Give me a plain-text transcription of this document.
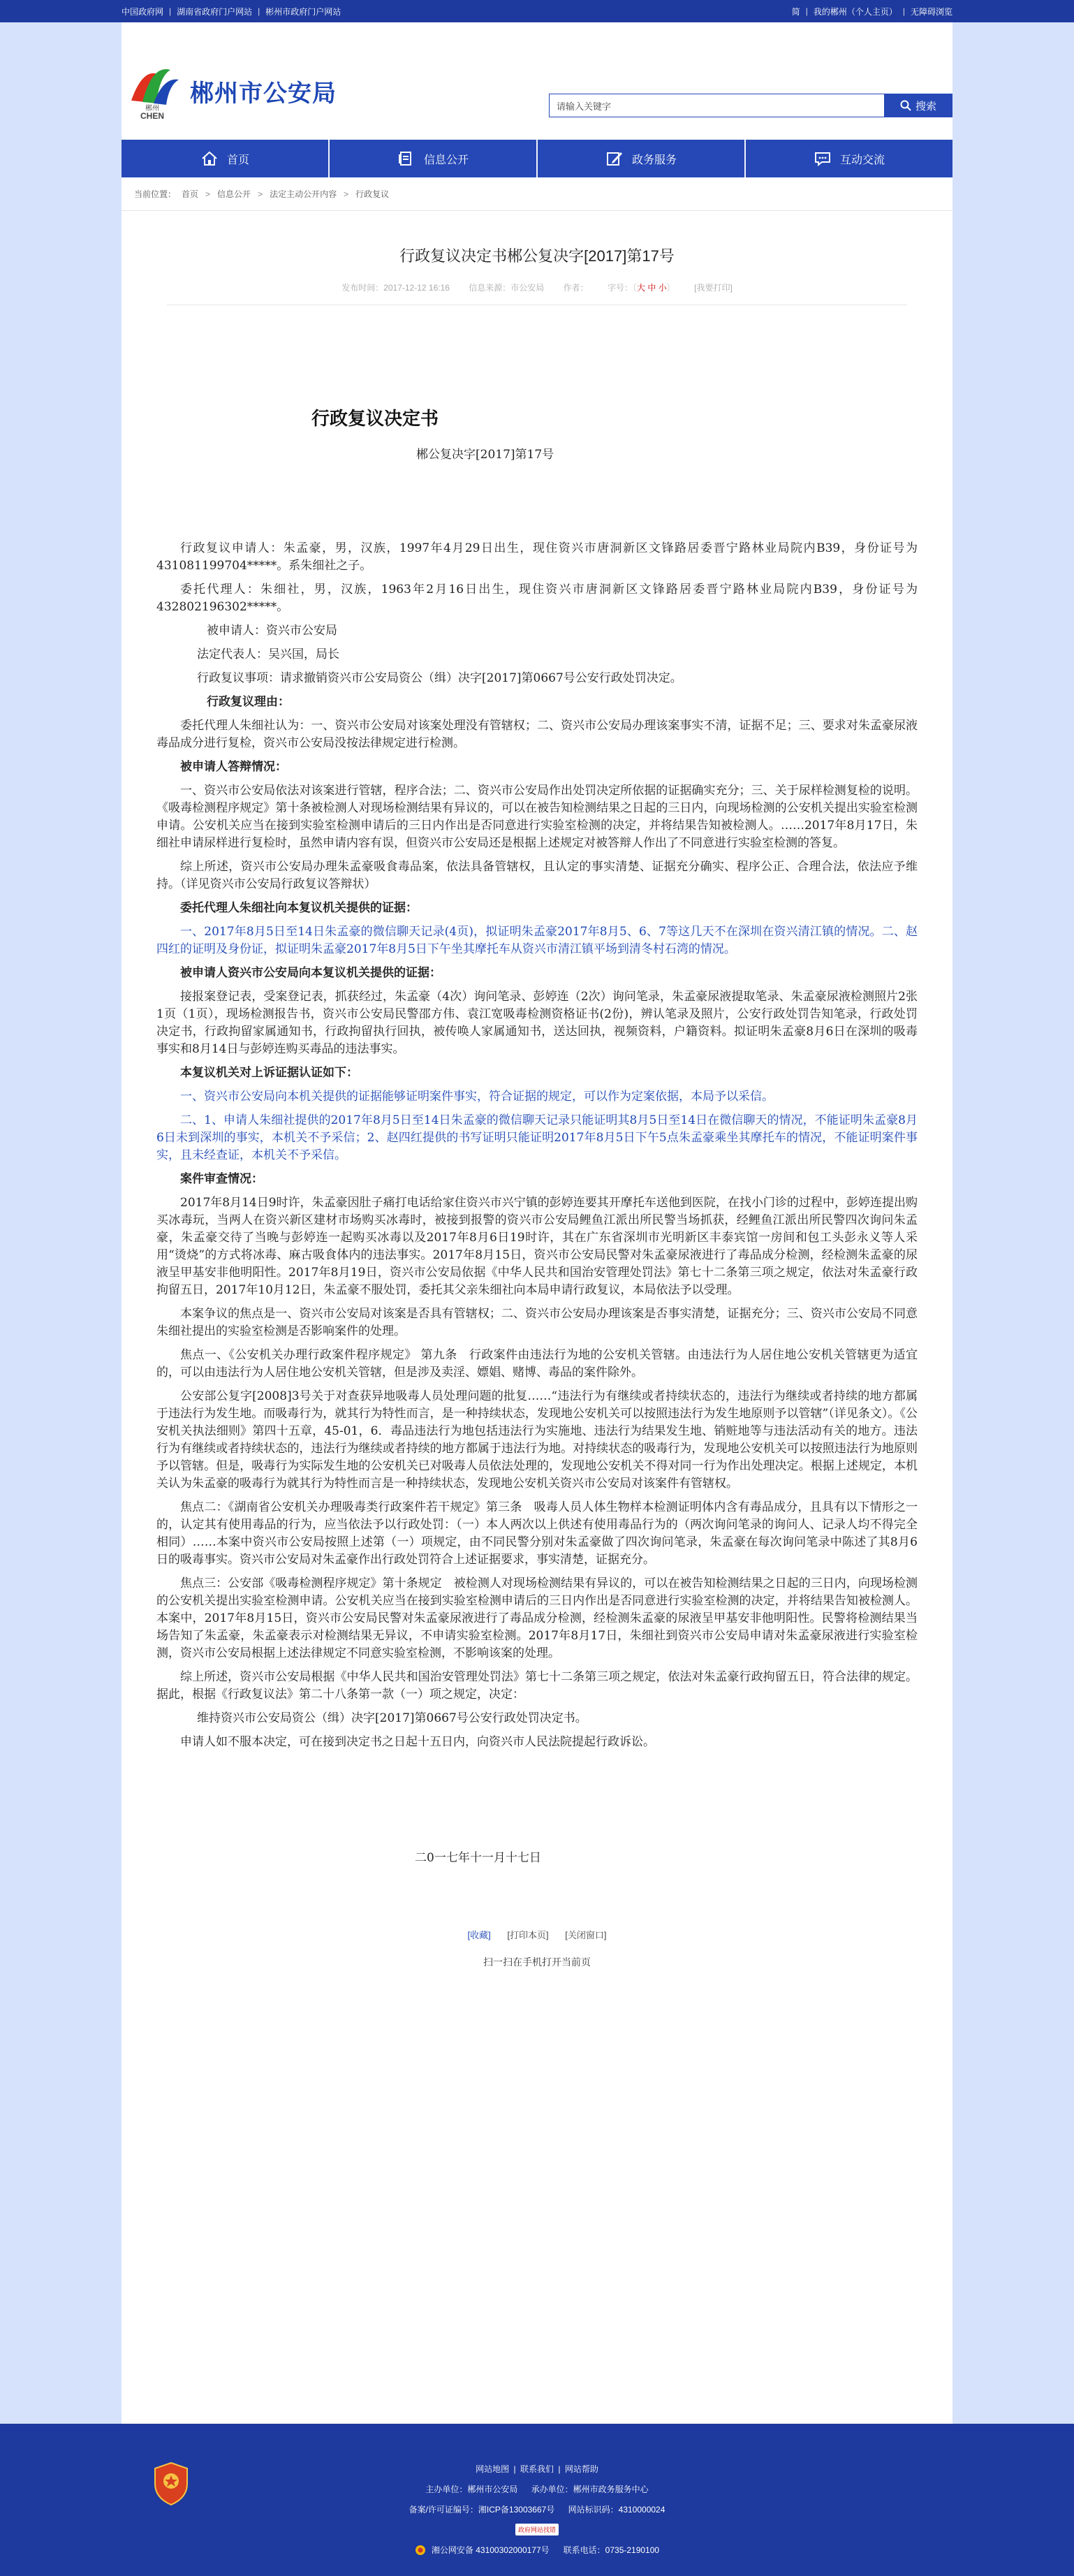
中国政府网 | 湖南省政府门户网站 | 彬州市政府门户网站	简 | 我的郴州（个人主页） | 无障碍浏览
郴州
CHEN
郴州市公安局
请输入关键字	搜索
首页	信息公开	政务服务	互动交流
当前位置： 首页 > 信息公开 > 法定主动公开内容 > 行政复议
行政复议决定书郴公复决字[2017]第17号
发布时间：2017-12-12 16:16 信息来源：市公安局 作者： 字号：〔大 中 小〕 [我要打印]
行政复议决定书
郴公复决字[2017]第17号

行政复议申请人：朱孟豪，男，汉族，1997年4月29日出生，现住资兴市唐洞新区文锋路居委晋宁路林业局院内B39，身份证号为431081199704*****。系朱细社之子。

委托代理人：朱细社，男，汉族，1963年2月16日出生，现住资兴市唐洞新区文锋路居委晋宁路林业局院内B39，身份证号为432802196302*****。

被申请人：资兴市公安局

法定代表人：吴兴国，局长

行政复议事项：请求撤销资兴市公安局资公（缉）决字[2017]第0667号公安行政处罚决定。

行政复议理由：

委托代理人朱细社认为：一、资兴市公安局对该案处理没有管辖权；二、资兴市公安局办理该案事实不清，证据不足；三、要求对朱孟豪尿液毒品成分进行复检，资兴市公安局没按法律规定进行检测。

被申请人答辩情况：

一、资兴市公安局依法对该案进行管辖，程序合法；二、资兴市公安局作出处罚决定所依据的证据确实充分；三、关于尿样检测复检的说明。《吸毒检测程序规定》第十条被检测人对现场检测结果有异议的，可以在被告知检测结果之日起的三日内，向现场检测的公安机关提出实验室检测申请。公安机关应当在接到实验室检测申请后的三日内作出是否同意进行实验室检测的决定，并将结果告知被检测人。……2017年8月17日，朱细社申请尿样进行复检时，虽然申请内容有误，但资兴市公安局还是根据上述规定对被答辩人作出了不同意进行实验室检测的答复。

综上所述，资兴市公安局办理朱孟豪吸食毒品案，依法具备管辖权，且认定的事实清楚、证据充分确实、程序公正、合理合法，依法应予维持。（详见资兴市公安局行政复议答辩状）

委托代理人朱细社向本复议机关提供的证据：

一、2017年8月5日至14日朱孟豪的微信聊天记录(4页)，拟证明朱孟豪2017年8月5、6、7等这几天不在深圳在资兴清江镇的情况。二、赵四红的证明及身份证，拟证明朱孟豪2017年8月5日下午坐其摩托车从资兴市清江镇平场到清冬村石湾的情况。

被申请人资兴市公安局向本复议机关提供的证据：

接报案登记表，受案登记表，抓获经过，朱孟豪（4次）询问笔录、彭婷连（2次）询问笔录，朱孟豪尿液提取笔录、朱孟豪尿液检测照片2张1页（1页），现场检测报告书，资兴市公安局民警邵方伟、袁江宽吸毒检测资格证书(2份)，辨认笔录及照片，公安行政处罚告知笔录，行政处罚决定书，行政拘留家属通知书，行政拘留执行回执，被传唤人家属通知书，送达回执，视频资料，户籍资料。拟证明朱孟豪8月6日在深圳的吸毒事实和8月14日与彭婷连购买毒品的违法事实。

本复议机关对上诉证据认证如下：

一、资兴市公安局向本机关提供的证据能够证明案件事实，符合证据的规定，可以作为定案依据，本局予以采信。

二、1、申请人朱细社提供的2017年8月5日至14日朱孟豪的微信聊天记录只能证明其8月5日至14日在微信聊天的情况，不能证明朱孟豪8月6日未到深圳的事实，本机关不予采信；2、赵四红提供的书写证明只能证明2017年8月5日下午5点朱孟豪乘坐其摩托车的情况，不能证明案件事实，且未经查证，本机关不予采信。

案件审查情况：

2017年8月14日9时许，朱孟豪因肚子痛打电话给家住资兴市兴宁镇的彭婷连要其开摩托车送他到医院，在找小门诊的过程中，彭婷连提出购买冰毒玩，当两人在资兴新区建材市场购买冰毒时，被接到报警的资兴市公安局鲤鱼江派出所民警当场抓获，经鲤鱼江派出所民警四次询问朱孟豪，朱孟豪交待了当晚与彭婷连一起购买冰毒以及2017年8月6日19时许，其在广东省深圳市光明新区丰泰宾馆一房间和包工头彭永义等人采用“烫烧”的方式将冰毒、麻古吸食体内的违法事实。2017年8月15日，资兴市公安局民警对朱孟豪尿液进行了毒品成分检测，经检测朱孟豪的尿液呈甲基安非他明阳性。2017年8月19日，资兴市公安局依据《中华人民共和国治安管理处罚法》第七十二条第三项之规定，依法对朱孟豪行政拘留五日，2017年10月12日，朱孟豪不服处罚，委托其父亲朱细社向本局申请行政复议，本局依法予以受理。

本案争议的焦点是一、资兴市公安局对该案是否具有管辖权；二、资兴市公安局办理该案是否事实清楚，证据充分；三、资兴市公安局不同意朱细社提出的实验室检测是否影响案件的处理。

焦点一、《公安机关办理行政案件程序规定》 第九条　行政案件由违法行为地的公安机关管辖。由违法行为人居住地公安机关管辖更为适宜的，可以由违法行为人居住地公安机关管辖，但是涉及卖淫、嫖娼、赌博、毒品的案件除外。

公安部公复字[2008]3号关于对查获异地吸毒人员处理问题的批复……“违法行为有继续或者持续状态的，违法行为继续或者持续的地方都属于违法行为发生地。而吸毒行为，就其行为特性而言，是一种持续状态，发现地公安机关可以按照违法行为发生地原则予以管辖”（详见条文）。《公安机关执法细则》第四十五章，45-01，6．毒品违法行为地包括违法行为实施地、违法行为结果发生地、销赃地等与违法活动有关的地方。违法行为有继续或者持续状态的，违法行为继续或者持续的地方都属于违法行为地。对持续状态的吸毒行为，发现地公安机关可以按照违法行为地原则予以管辖。但是，吸毒行为实际发生地的公安机关已对吸毒人员依法处理的，发现地公安机关不得对同一行为作出处理决定。根据上述规定，本机关认为朱孟豪的吸毒行为就其行为特性而言是一种持续状态，发现地公安机关资兴市公安局对该案件有管辖权。

焦点二：《湖南省公安机关办理吸毒类行政案件若干规定》第三条　吸毒人员人体生物样本检测证明体内含有毒品成分，且具有以下情形之一的，认定其有使用毒品的行为，应当依法予以行政处罚：（一）本人两次以上供述有使用毒品行为的（两次询问笔录的询问人、记录人均不得完全相同）……本案中资兴市公安局按照上述第（一）项规定，由不同民警分别对朱孟豪做了四次询问笔录，朱孟豪在每次询问笔录中陈述了其8月6日的吸毒事实。资兴市公安局对朱孟豪作出行政处罚符合上述证据要求，事实清楚，证据充分。

焦点三：公安部《吸毒检测程序规定》第十条规定　被检测人对现场检测结果有异议的，可以在被告知检测结果之日起的三日内，向现场检测的公安机关提出实验室检测申请。公安机关应当在接到实验室检测申请后的三日内作出是否同意进行实验室检测的决定，并将结果告知被检测人。本案中，2017年8月15日，资兴市公安局民警对朱孟豪尿液进行了毒品成分检测，经检测朱孟豪的尿液呈甲基安非他明阳性。民警将检测结果当场告知了朱孟豪，朱孟豪表示对检测结果无异议，不申请实验室检测。2017年8月17日，朱细社到资兴市公安局申请对朱孟豪尿液进行实验室检测，资兴市公安局根据上述法律规定不同意实验室检测，不影响该案的处理。

综上所述，资兴市公安局根据《中华人民共和国治安管理处罚法》第七十二条第三项之规定，依法对朱孟豪行政拘留五日，符合法律的规定。据此，根据《行政复议法》第二十八条第一款（一）项之规定，决定：

维持资兴市公安局资公（缉）决字[2017]第0667号公安行政处罚决定书。

申请人如不服本决定，可在接到决定书之日起十五日内，向资兴市人民法院提起行政诉讼。

二0一七年十一月十七日
[收藏] [打印本页] [关闭窗口]
扫一扫在手机打开当前页
网站地图 | 联系我们 | 网站帮助
主办单位：郴州市公安局 承办单位：郴州市政务服务中心
备案/许可证编号：湘ICP备13003667号 网站标识码：4310000024
政府网站找错
湘公网安备 43100302000177号 联系电话：0735-2190100
